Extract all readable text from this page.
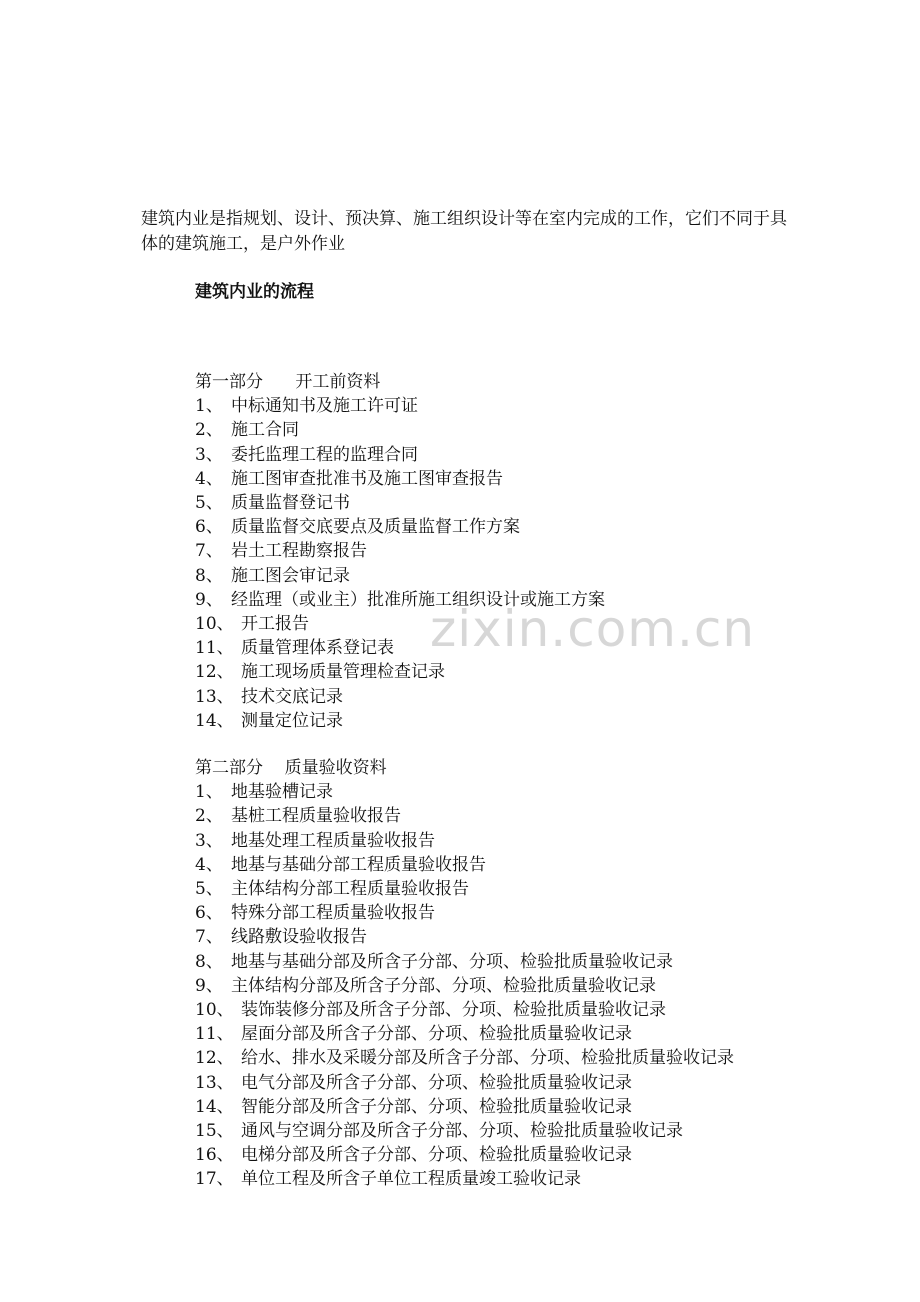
建筑内业是指规划、设计、预决算、施工组织设计等在室内完成的工作，它们不同于具体的建筑施工，是户外作业

建筑内业的流程

第一部分      开工前资料

1、 中标通知书及施工许可证
2、 施工合同
3、 委托监理工程的监理合同
4、 施工图审查批准书及施工图审查报告
5、 质量监督登记书
6、 质量监督交底要点及质量监督工作方案
7、 岩土工程勘察报告
8、 施工图会审记录
9、 经监理（或业主）批准所施工组织设计或施工方案
10、 开工报告
11、 质量管理体系登记表
12、 施工现场质量管理检查记录
13、 技术交底记录
14、 测量定位记录

第二部分    质量验收资料

1、 地基验槽记录
2、 基桩工程质量验收报告
3、 地基处理工程质量验收报告
4、 地基与基础分部工程质量验收报告
5、 主体结构分部工程质量验收报告
6、 特殊分部工程质量验收报告
7、 线路敷设验收报告
8、 地基与基础分部及所含子分部、分项、检验批质量验收记录
9、 主体结构分部及所含子分部、分项、检验批质量验收记录
10、 装饰装修分部及所含子分部、分项、检验批质量验收记录
11、 屋面分部及所含子分部、分项、检验批质量验收记录
12、 给水、排水及采暖分部及所含子分部、分项、检验批质量验收记录
13、 电气分部及所含子分部、分项、检验批质量验收记录
14、 智能分部及所含子分部、分项、检验批质量验收记录
15、 通风与空调分部及所含子分部、分项、检验批质量验收记录
16、 电梯分部及所含子分部、分项、检验批质量验收记录
17、 单位工程及所含子单位工程质量竣工验收记录
zixin.com.cn
